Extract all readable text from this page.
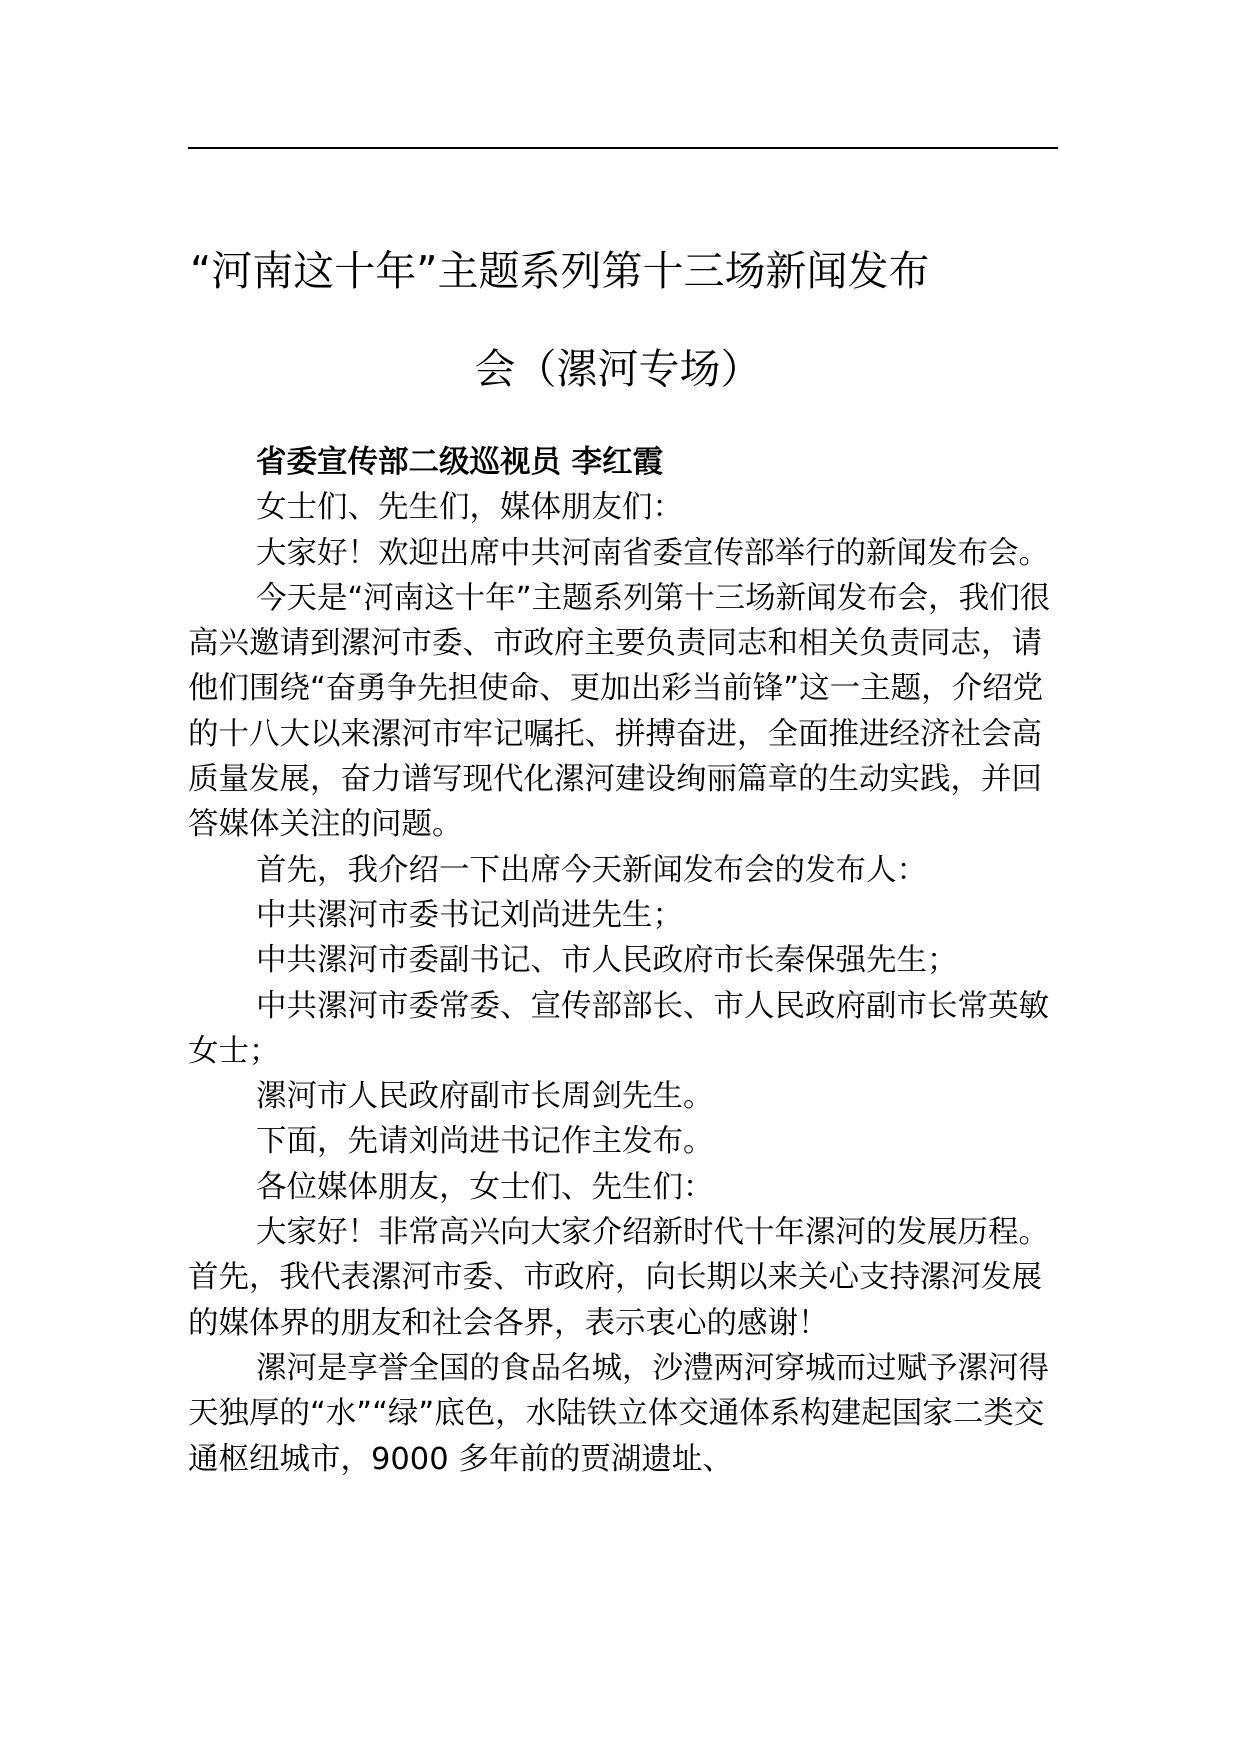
“河南这十年”主题系列第十三场新闻发布
会（漯河专场）

省委宣传部二级巡视员 李红霞

女士们、先生们，媒体朋友们：

大家好！欢迎出席中共河南省委宣传部举行的新闻发布会。

今天是“河南这十年”主题系列第十三场新闻发布会，我们很高兴邀请到漯河市委、市政府主要负责同志和相关负责同志，请他们围绕“奋勇争先担使命、更加出彩当前锋”这一主题，介绍党的十八大以来漯河市牢记嘱托、拼搏奋进，全面推进经济社会高质量发展，奋力谱写现代化漯河建设绚丽篇章的生动实践，并回答媒体关注的问题。

首先，我介绍一下出席今天新闻发布会的发布人：

中共漯河市委书记刘尚进先生；

中共漯河市委副书记、市人民政府市长秦保强先生；

中共漯河市委常委、宣传部部长、市人民政府副市长常英敏女士；

漯河市人民政府副市长周剑先生。

下面，先请刘尚进书记作主发布。

各位媒体朋友，女士们、先生们：

大家好！非常高兴向大家介绍新时代十年漯河的发展历程。首先，我代表漯河市委、市政府，向长期以来关心支持漯河发展的媒体界的朋友和社会各界，表示衷心的感谢！

漯河是享誉全国的食品名城，沙澧两河穿城而过赋予漯河得天独厚的“水”“绿”底色，水陆铁立体交通体系构建起国家二类交通枢纽城市，9000 多年前的贾湖遗址、
